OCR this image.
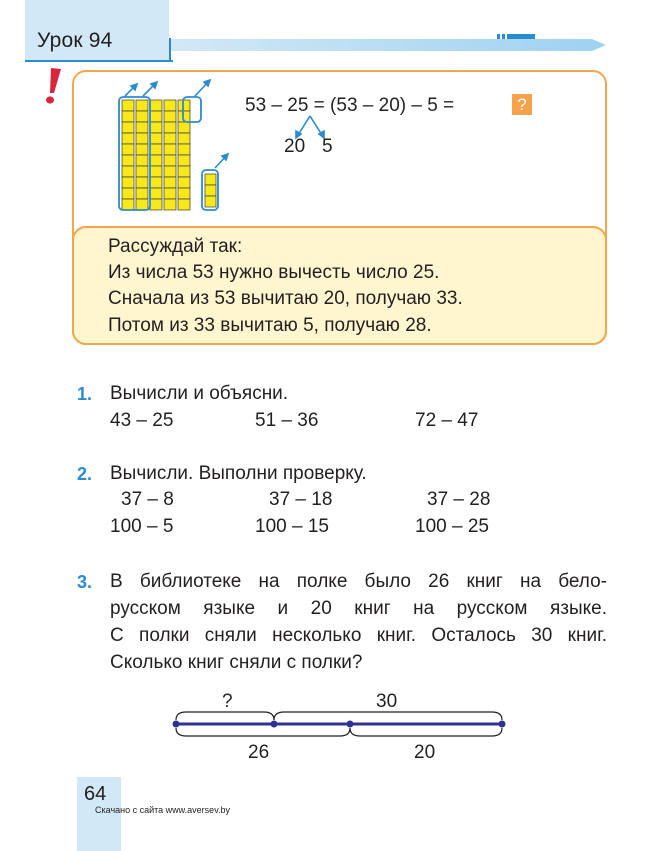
Урок 94
53 – 25 = (53 – 20) – 5 =	?
20 5
Рассуждай так:
Из числа 53 нужно вычесть число 25.
Сначала из 53 вычитаю 20, получаю 33.
Потом из 33 вычитаю 5, получаю 28.
1. Вычисли и объясни.
43 – 25	51 – 36	72 – 47
2. Вычисли. Выполни проверку.
37 – 8	37 – 18	37 – 28
100 – 5	100 – 15	100 – 25
3. В библиотеке на полке было 26 книг на бело-
русском языке и 20 книг на русском языке.
С полки сняли несколько книг. Осталось 30 книг.
Сколько книг сняли с полки?
?	30
26	20
64
Скачано с сайта www.aversev.by
